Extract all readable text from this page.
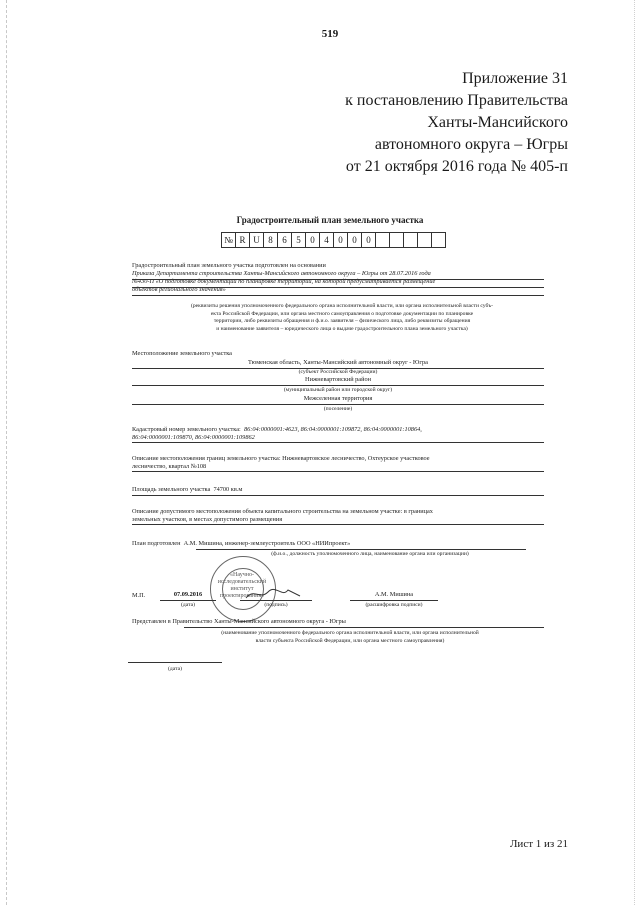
519
Приложение 31
к постановлению Правительства
Ханты-Мансийского
автономного округа – Югры
от 21 октября 2016 года № 405-п
Градостроительный план земельного участка
№ R U 8	6	5	0	4	0	0	0
Градостроительный план земельного участка подготовлен на основании
Приказа Департамента строительства Ханты-Мансийского автономного округа – Югры от 28.07.2016 года
№430-П «О подготовке документации по планировке территории, на которой предусматривается размещение
объектов регионального значения»
(реквизиты решения уполномоченного федерального органа исполнительной власти, или органа исполнительной власти субъ-
екта Российской Федерации, или органа местного самоуправления о подготовке документации по планировке
территории, либо реквизиты обращения и ф.и.о. заявителя – физического лица, либо реквизиты обращения
и наименование заявителя – юридического лица о выдаче градостроительного плана земельного участка)
Местоположение земельного участка
Тюменская область, Ханты-Мансийский автономный округ - Югра
(субъект Российской Федерации)
Нижневартовский район
(муниципальный район или городской округ)
Межселенная территория
(поселение)
Кадастровый номер земельного участка: 86:04:0000001:4623, 86:04:0000001:109872, 86:04:0000001:10864,
86:04:0000001:109870, 86:04:0000001:109862
Описание местоположения границ земельного участка: Нижневартовское лесничество, Охтеурское участковое
лесничество, квартал №108
Площадь земельного участка 74700 кв.м
Описание допустимого местоположения объекта капитального строительства на земельном участке: в границах
земельных участков, в местах допустимого размещения
План подготовлен А.М. Мишина, инженер-землеустроитель ООО «НИИпроект»
(ф.и.о., должность уполномоченного лица, наименование органа или организации)
«Научно-
исследовательский
институт
проектирования»
М.П.	07.09.2016
(дата)	(подпись)
А.М. Мишина
(расшифровка подписи)
Представлен в Правительство Ханты-Мансийского автономного округа - Югры
(наименование уполномоченного федерального органа исполнительной власти, или органа исполнительной
власти субъекта Российской Федерации, или органа местного самоуправления)
(дата)
Лист 1 из 21
